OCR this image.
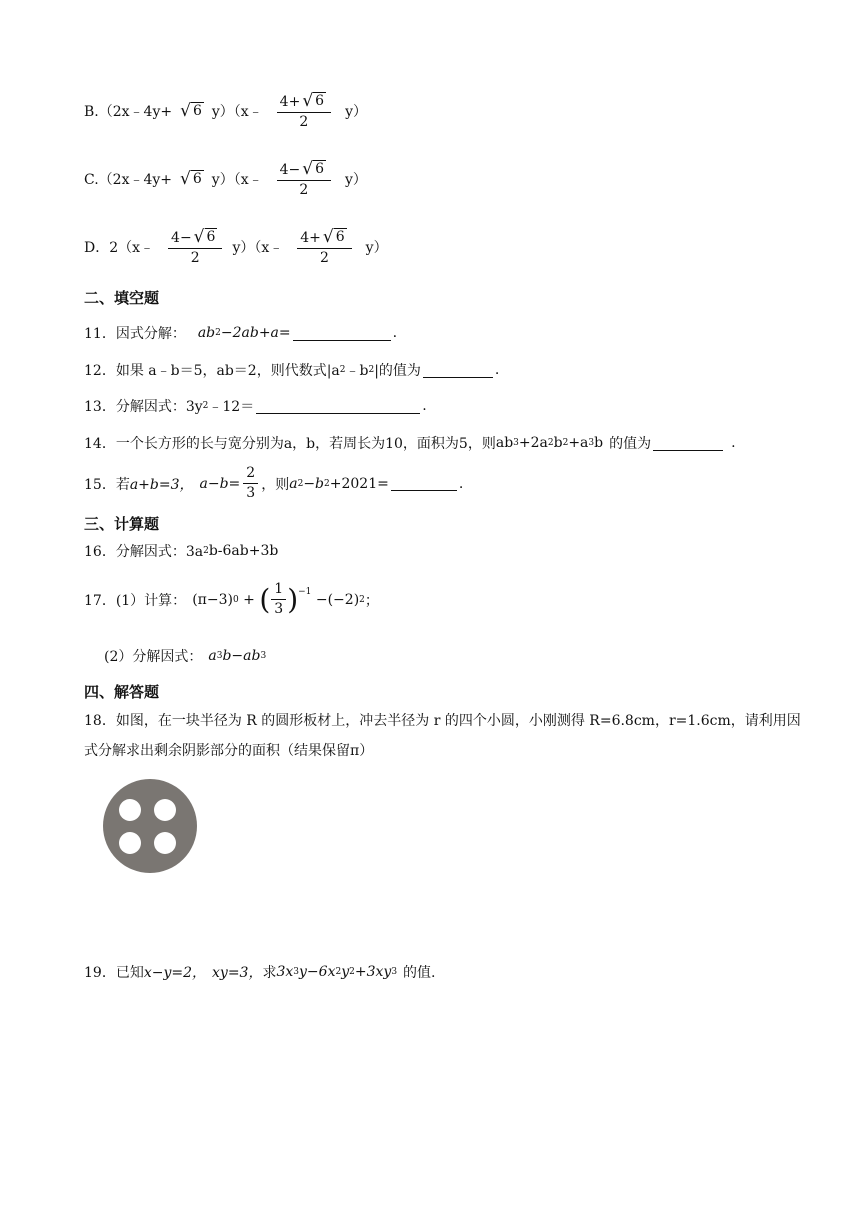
B.（2x﹣4y+ √ 6 y）（x﹣ $\frac{4+ √ 6}{2} y$）
C.（2x﹣4y+ √ 6 y）（x﹣ $\frac{4- √ 6}{2} y$）
D．2（x﹣ $\frac{4- √ 6}{2}$ y）（x﹣ $\frac{4+ √ 6}{2} y$）
二、填空题
11．因式分解： ab 2 −2ab+a=	.
12．如果 a﹣b＝5，ab＝2，则代数式|a 2 ﹣b 2 |的值为	.
13．分解因式：3y 2 ﹣12＝	.
14．一个长方形的长与宽分别为a，b，若周长为10，面积为5，则 ab 3 +2a 2 b 2 +a 3 b 的值为	.
15．若 a+b=3， $a-b= \frac{2}{3}$ ，则 a 2 −b 2 +2021=	.
三、计算题
16．分解因式：3a 2 b-6ab+3b
17．(1）计算： (π−3) 0 + ( $\frac{1}{3} )^{-1}$
−(−2) 2 ；
(2）分解因式： a 3 b−ab 3
四、解答题
18．如图，在一块半径为 R 的圆形板材上，冲去半径为 r 的四个小圆，小刚测得 R=6.8cm，r=1.6cm，请利用因式分解求出剩余阴影部分的面积（结果保留π）
19．已知 x−y=2， xy=3， 求 3x 3 y−6x 2 y 2 +3xy 3 的值.
